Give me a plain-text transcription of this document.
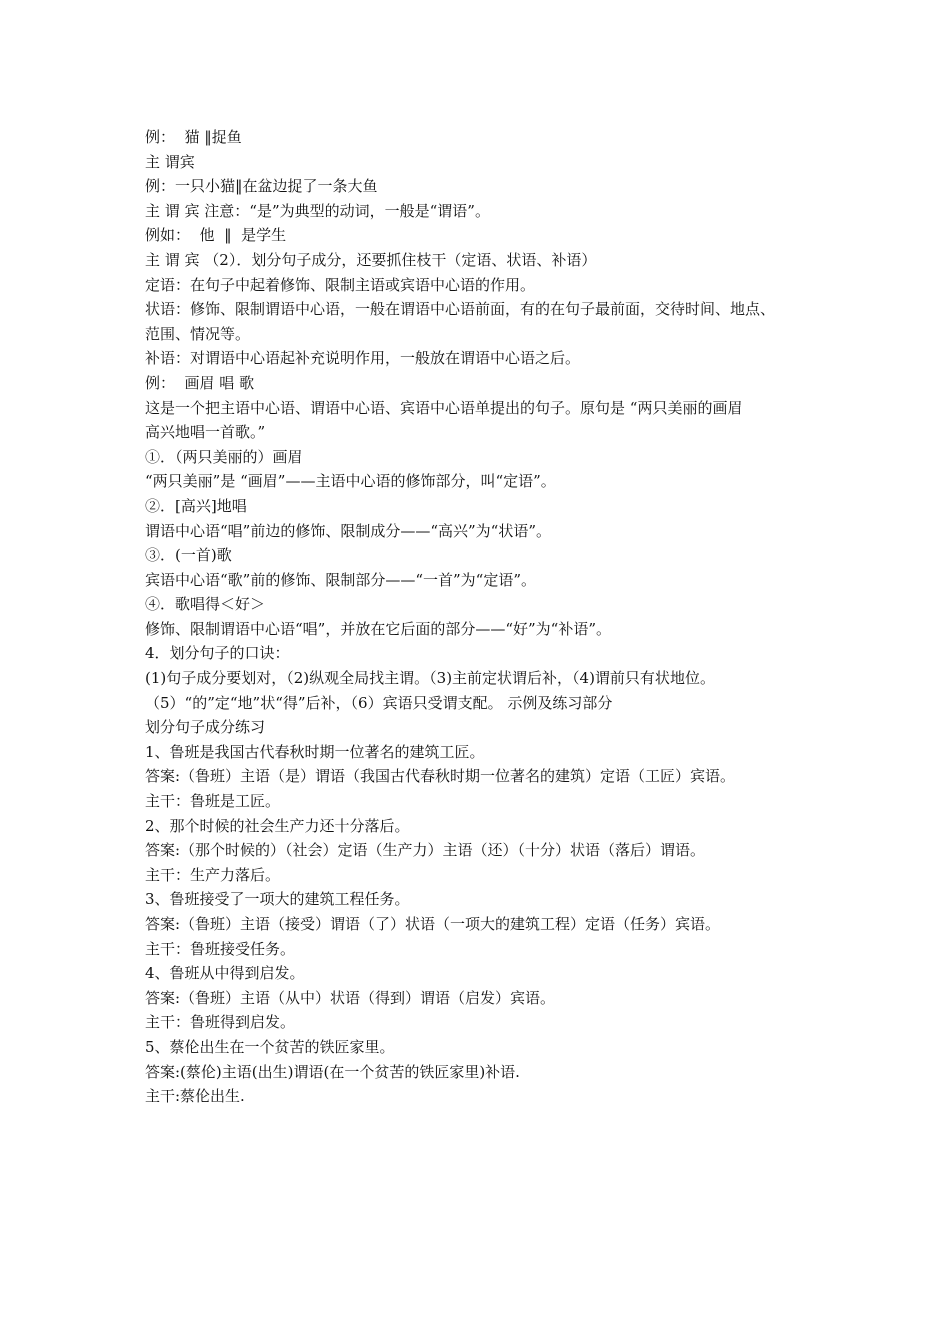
例：  猫 ‖捉鱼
主 谓宾
例：一只小猫‖在盆边捉了一条大鱼
主 谓 宾 注意：“是”为典型的动词，一般是“谓语”。
例如：  他  ‖  是学生
主 谓 宾 （2）．划分句子成分，还要抓住枝干（定语、状语、补语）
定语：在句子中起着修饰、限制主语或宾语中心语的作用。
状语：修饰、限制谓语中心语，一般在谓语中心语前面，有的在句子最前面，交待时间、地点、
范围、情况等。
补语：对谓语中心语起补充说明作用，一般放在谓语中心语之后。
例：  画眉 唱 歌
这是一个把主语中心语、谓语中心语、宾语中心语单提出的句子。原句是 “两只美丽的画眉
高兴地唱一首歌。”
①．（两只美丽的）画眉
“两只美丽”是 “画眉”——主语中心语的修饰部分，叫“定语”。
②．[高兴]地唱
谓语中心语“唱”前边的修饰、限制成分——“高兴”为“状语”。
③．(一首)歌
宾语中心语“歌”前的修饰、限制部分——“一首”为“定语”。
④．歌唱得＜好＞
修饰、限制谓语中心语“唱”，并放在它后面的部分——“好”为“补语”。
4．划分句子的口诀：
(1)句子成分要划对，（2)纵观全局找主谓。（3)主前定状谓后补，（4)谓前只有状地位。
（5）“的”定“地”状“得”后补，（6）宾语只受谓支配。 示例及练习部分
划分句子成分练习
1、鲁班是我国古代春秋时期一位著名的建筑工匠。
答案:（鲁班）主语（是）谓语（我国古代春秋时期一位著名的建筑）定语（工匠）宾语。
主干：鲁班是工匠。
2、那个时候的社会生产力还十分落后。
答案:（那个时候的）（社会）定语（生产力）主语（还）（十分）状语（落后）谓语。
主干：生产力落后。
3、鲁班接受了一项大的建筑工程任务。
答案:（鲁班）主语（接受）谓语（了）状语（一项大的建筑工程）定语（任务）宾语。
主干：鲁班接受任务。
4、鲁班从中得到启发。
答案:（鲁班）主语（从中）状语（得到）谓语（启发）宾语。
主干：鲁班得到启发。
5、蔡伦出生在一个贫苦的铁匠家里。
答案:(蔡伦)主语(出生)谓语(在一个贫苦的铁匠家里)补语.
主干:蔡伦出生.
